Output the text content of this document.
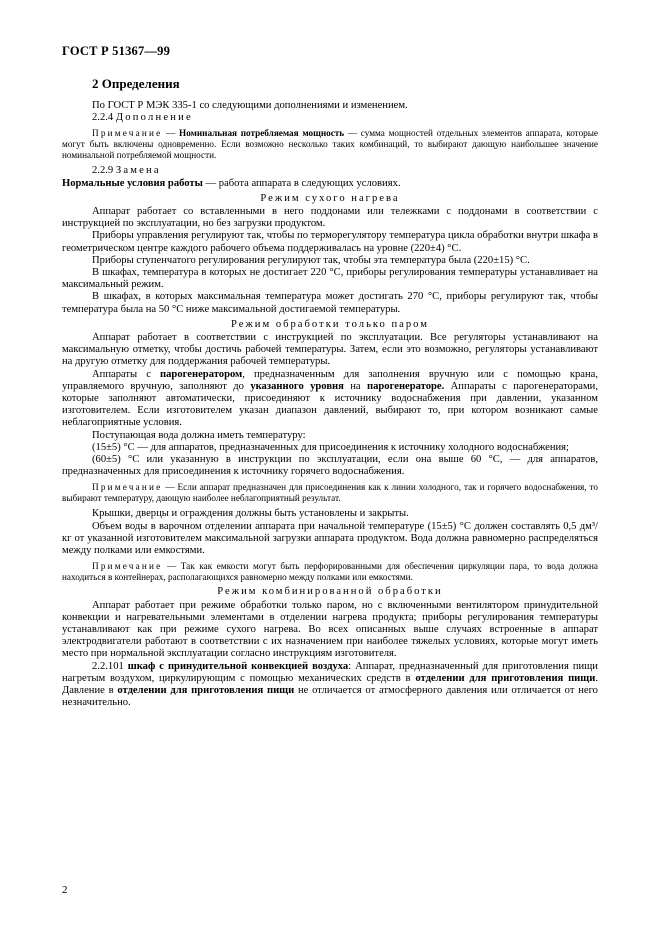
ГОСТ Р 51367—99
2 Определения

По ГОСТ Р МЭК 335-1 со следующими дополнениями и изменением.

2.2.4 Дополнение

Примечание — Номинальная потребляемая мощность — сумма мощностей отдельных элементов аппарата, которые могут быть включены одновременно. Если возможно несколько таких комбинаций, то выбирают дающую наибольшее значение номинальной потребляемой мощности.

2.2.9 Замена

Нормальные условия работы — работа аппарата в следующих условиях.

Режим сухого нагрева

Аппарат работает со вставленными в него поддонами или тележками с поддонами в соответствии с инструкцией по эксплуатации, но без загрузки продуктом.

Приборы управления регулируют так, чтобы по терморегулятору температура цикла обработки внутри шкафа в геометрическом центре каждого рабочего объема поддерживалась на уровне (220±4) °С.

Приборы ступенчатого регулирования регулируют так, чтобы эта температура была (220±15) °С.

В шкафах, температура в которых не достигает 220 °С, приборы регулирования температуры устанавливает на максимальный режим.

В шкафах, в которых максимальная температура может достигать 270 °С, приборы регулируют так, чтобы температура была на 50 °С ниже максимальной достигаемой температуры.

Режим обработки только паром

Аппарат работает в соответствии с инструкцией по эксплуатации. Все регуляторы устанавливают на максимальную отметку, чтобы достичь рабочей температуры. Затем, если это возможно, регуляторы устанавливают на другую отметку для поддержания рабочей температуры.

Аппараты с парогенератором, предназначенным для заполнения вручную или с помощью крана, управляемого вручную, заполняют до указанного уровня на парогенераторе. Аппараты с парогенераторами, которые заполняют автоматически, присоединяют к источнику водоснабжения при давлении, указанном изготовителем. Если изготовителем указан диапазон давлений, выбирают то, при котором возникают самые неблагоприятные условия.

Поступающая вода должна иметь температуру:

(15±5) °С — для аппаратов, предназначенных для присоединения к источнику холодного водоснабжения;

(60±5) °С или указанную в инструкции по эксплуатации, если она выше 60 °С, — для аппаратов, предназначенных для присоединения к источнику горячего водоснабжения.

Примечание — Если аппарат предназначен для присоединения как к линии холодного, так и горячего водоснабжения, то выбирают температуру, дающую наиболее неблагоприятный результат.

Крышки, дверцы и ограждения должны быть установлены и закрыты.

Объем воды в варочном отделении аппарата при начальной температуре (15±5) °С должен составлять 0,5 дм³/кг от указанной изготовителем максимальной загрузки аппарата продуктом. Вода должна равномерно распределяться между полками или емкостями.

Примечание — Так как емкости могут быть перфорированными для обеспечения циркуляции пара, то вода должна находиться в контейнерах, располагающихся равномерно между полками или емкостями.

Режим комбинированной обработки

Аппарат работает при режиме обработки только паром, но с включенными вентилятором принудительной конвекции и нагревательными элементами в отделении нагрева продукта; приборы регулирования температуры устанавливают как при режиме сухого нагрева. Во всех описанных выше случаях встроенные в аппарат электродвигатели работают в соответствии с их назначением при наиболее тяжелых условиях, которые могут иметь место при нормальной эксплуатации согласно инструкциям изготовителя.

2.2.101 шкаф с принудительной конвекцией воздуха: Аппарат, предназначенный для приготовления пищи нагретым воздухом, циркулирующим с помощью механических средств в отделении для приготовления пищи. Давление в отделении для приготовления пищи не отличается от атмосферного давления или отличается от него незначительно.

2
